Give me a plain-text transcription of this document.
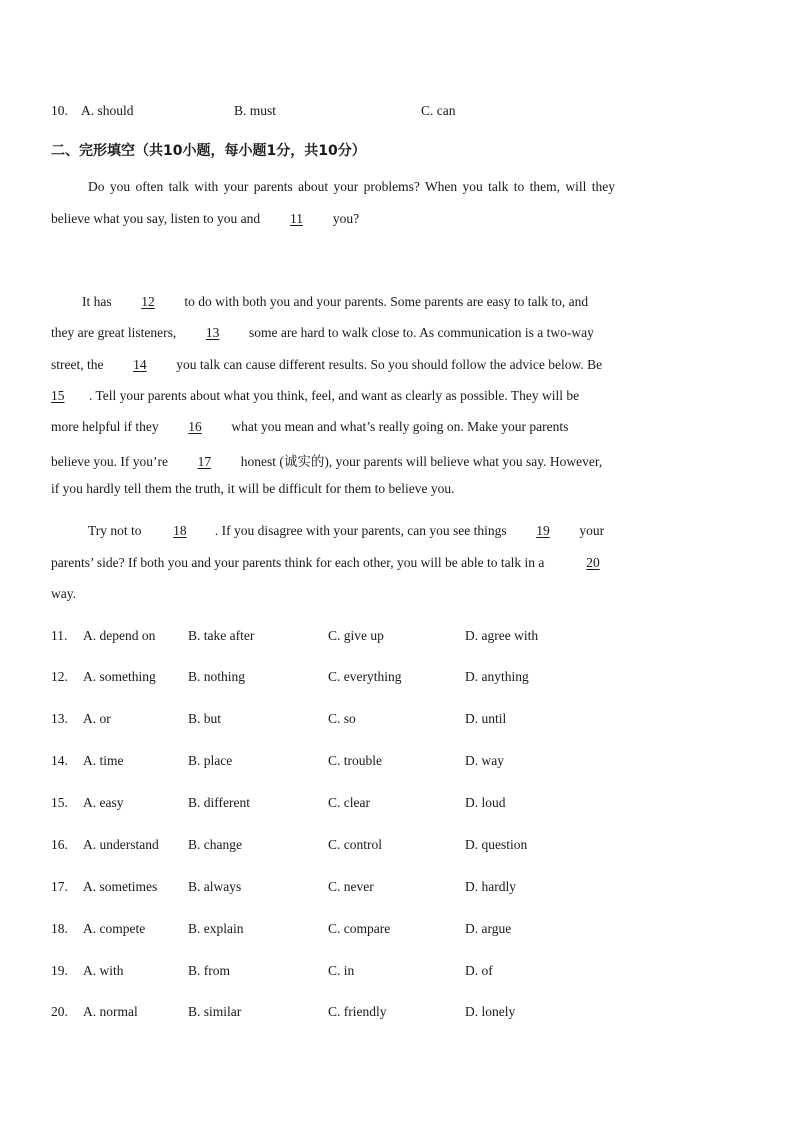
10. A. should	B. must	C. can
二、完形填空（共10小题，每小题1分，共10分）
Do you often talk with your parents about your problems? When you talk to them, will they
believe what you say, listen to you and 11 you?
It has 12 to do with both you and your parents. Some parents are easy to talk to, and
they are great listeners, 13 some are hard to walk close to. As communication is a two-way
street, the 14 you talk can cause different results. So you should follow the advice below. Be
15 . Tell your parents about what you think, feel, and want as clearly as possible. They will be
more helpful if they 16 what you mean and what’s really going on. Make your parents
believe you. If you’re 17 honest (诚实的), your parents will believe what you say. However,
if you hardly tell them the truth, it will be difficult for them to believe you.
Try not to 18 . If you disagree with your parents, can you see things 19 your
parents’ side? If both you and your parents think for each other, you will be able to talk in a	20
way.
11. A. depend on B. take after	C. give up	D. agree with
12. A. something B. nothing	C. everything	D. anything
13. A. or	B. but	C. so	D. until
14. A. time	B. place	C. trouble	D. way
15. A. easy	B. different	C. clear	D. loud
16. A. understand B. change	C. control	D. question
17. A. sometimes B. always	C. never	D. hardly
18. A. compete	B. explain	C. compare	D. argue
19. A. with	B. from	C. in	D. of
20. A. normal	B. similar	C. friendly	D. lonely
